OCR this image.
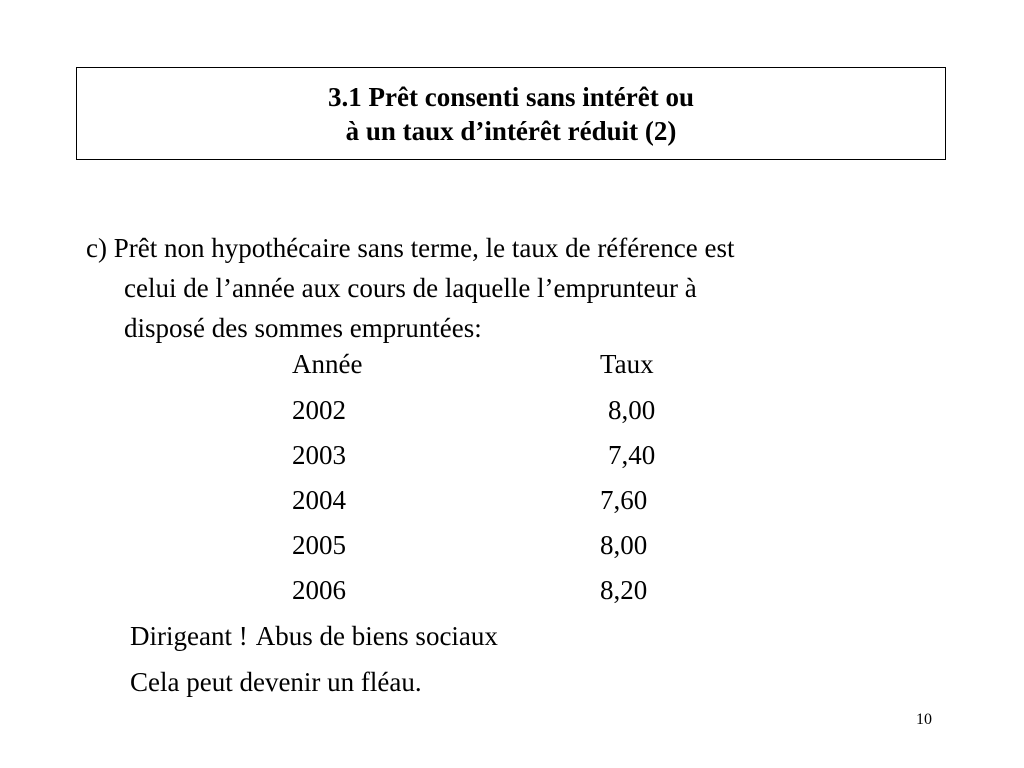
3.1 Prêt consenti sans intérêt ou
à un taux d’intérêt réduit (2)
c) Prêt non hypothécaire sans terme, le taux de référence est
celui de l’année aux cours de laquelle l’emprunteur à
disposé des sommes empruntées:
Année	Taux
2002	8,00
2003	7,40
2004	7,60
2005	8,00
2006	8,20
Dirigeant ! Abus de biens sociaux
Cela peut devenir un fléau.
10
